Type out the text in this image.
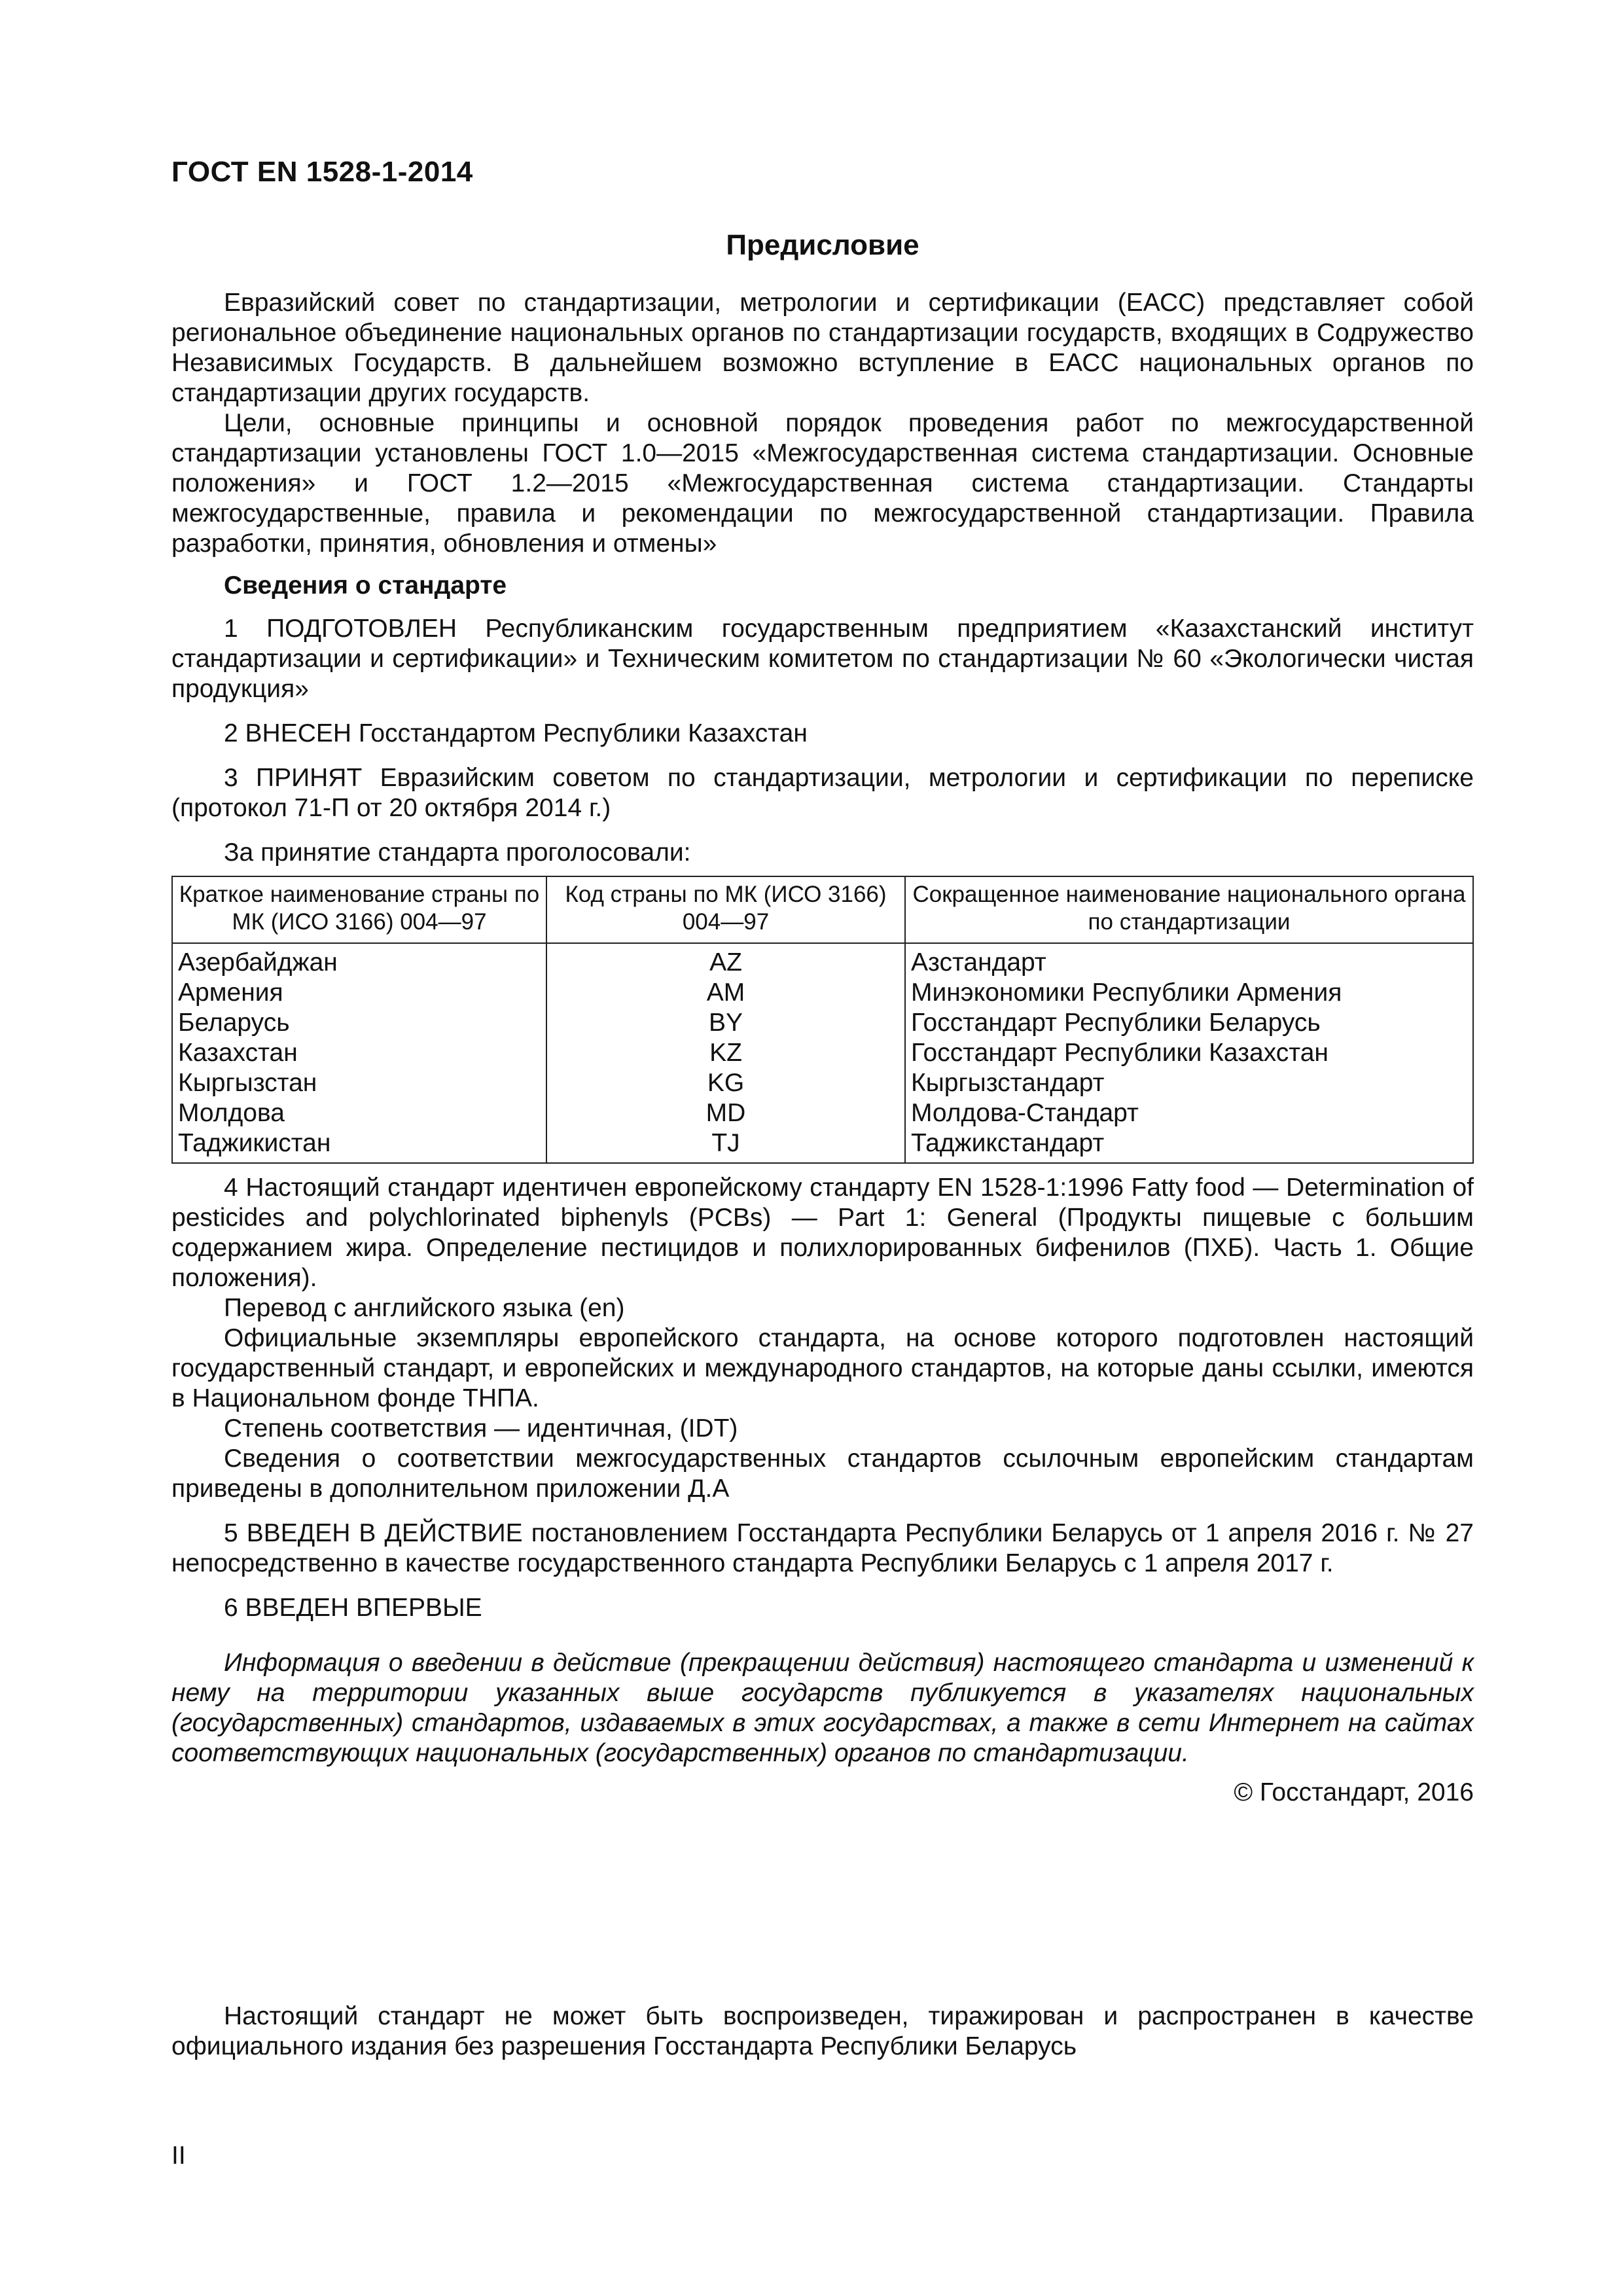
ГОСТ EN 1528-1-2014
Предисловие

Евразийский совет по стандартизации, метрологии и сертификации (ЕАСС) представляет собой региональное объединение национальных органов по стандартизации государств, входящих в Содружество Независимых Государств. В дальнейшем возможно вступление в ЕАСС национальных органов по стандартизации других государств.

Цели, основные принципы и основной порядок проведения работ по межгосударственной стандартизации установлены ГОСТ 1.0—2015 «Межгосударственная система стандартизации. Основные положения» и ГОСТ 1.2—2015 «Межгосударственная система стандартизации. Стандарты межгосударственные, правила и рекомендации по межгосударственной стандартизации. Правила разработки, принятия, обновления и отмены»

Сведения о стандарте

1 ПОДГОТОВЛЕН Республиканским государственным предприятием «Казахстанский институт стандартизации и сертификации» и Техническим комитетом по стандартизации № 60 «Экологически чистая продукция»

2 ВНЕСЕН Госстандартом Республики Казахстан

3 ПРИНЯТ Евразийским советом по стандартизации, метрологии и сертификации по переписке (протокол 71-П от 20 октября 2014 г.)

За принятие стандарта проголосовали:

Краткое наименование страны по МК (ИСО 3166) 004—97	Код страны по МК (ИСО 3166) 004—97	Сокращенное наименование национального органа по стандартизации
Азербайджан	AZ	Азстандарт
Армения	AM	Минэкономики Республики Армения
Беларусь	BY	Госстандарт Республики Беларусь
Казахстан	KZ	Госстандарт Республики Казахстан
Кыргызстан	KG	Кыргызстандарт
Молдова	MD	Молдова-Стандарт
Таджикистан	TJ	Таджикстандарт

4 Настоящий стандарт идентичен европейскому стандарту EN 1528-1:1996 Fatty food — Determination of pesticides and polychlorinated biphenyls (PCBs) — Part 1: General (Продукты пищевые с большим содержанием жира. Определение пестицидов и полихлорированных бифенилов (ПХБ). Часть 1. Общие положения).

Перевод с английского языка (en)

Официальные экземпляры европейского стандарта, на основе которого подготовлен настоящий государственный стандарт, и европейских и международного стандартов, на которые даны ссылки, имеются в Национальном фонде ТНПА.

Степень соответствия — идентичная, (IDT)

Сведения о соответствии межгосударственных стандартов ссылочным европейским стандартам приведены в дополнительном приложении Д.А

5 ВВЕДЕН В ДЕЙСТВИЕ постановлением Госстандарта Республики Беларусь от 1 апреля 2016 г. № 27 непосредственно в качестве государственного стандарта Республики Беларусь с 1 апреля 2017 г.

6 ВВЕДЕН ВПЕРВЫЕ

Информация о введении в действие (прекращении действия) настоящего стандарта и изменений к нему на территории указанных выше государств публикуется в указателях национальных (государственных) стандартов, издаваемых в этих государствах, а также в сети Интернет на сайтах соответствующих национальных (государственных) органов по стандартизации.

© Госстандарт, 2016
Настоящий стандарт не может быть воспроизведен, тиражирован и распространен в качестве официального издания без разрешения Госстандарта Республики Беларусь
II
